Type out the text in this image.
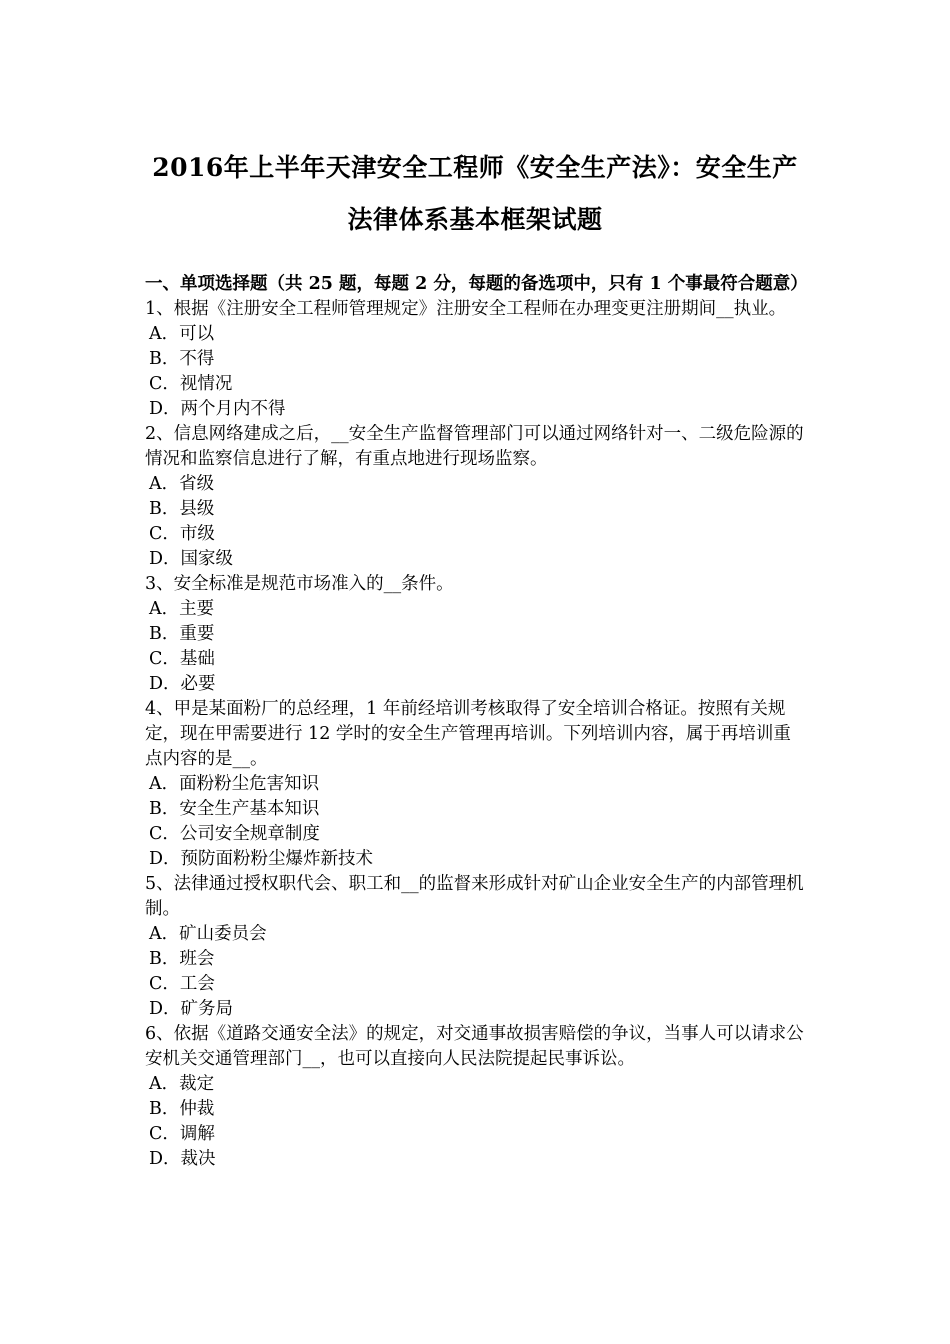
2016年上半年天津安全工程师《安全生产法》：安全生产
法律体系基本框架试题
一、单项选择题（共 25 题，每题 2 分，每题的备选项中，只有 1 个事最符合题意）
1、根据《注册安全工程师管理规定》注册安全工程师在办理变更注册期间__执业。
A．可以
B．不得
C．视情况
D．两个月内不得
2、信息网络建成之后，__安全生产监督管理部门可以通过网络针对一、二级危险源的情况和监察信息进行了解，有重点地进行现场监察。
A．省级
B．县级
C．市级
D．国家级
3、安全标准是规范市场准入的__条件。
A．主要
B．重要
C．基础
D．必要
4、甲是某面粉厂的总经理，1 年前经培训考核取得了安全培训合格证。按照有关规定，现在甲需要进行 12 学时的安全生产管理再培训。下列培训内容，属于再培训重点内容的是__。
A．面粉粉尘危害知识
B．安全生产基本知识
C．公司安全规章制度
D．预防面粉粉尘爆炸新技术
5、法律通过授权职代会、职工和__的监督来形成针对矿山企业安全生产的内部管理机制。
A．矿山委员会
B．班会
C．工会
D．矿务局
6、依据《道路交通安全法》的规定，对交通事故损害赔偿的争议，当事人可以请求公安机关交通管理部门__，也可以直接向人民法院提起民事诉讼。
A．裁定
B．仲裁
C．调解
D．裁决
